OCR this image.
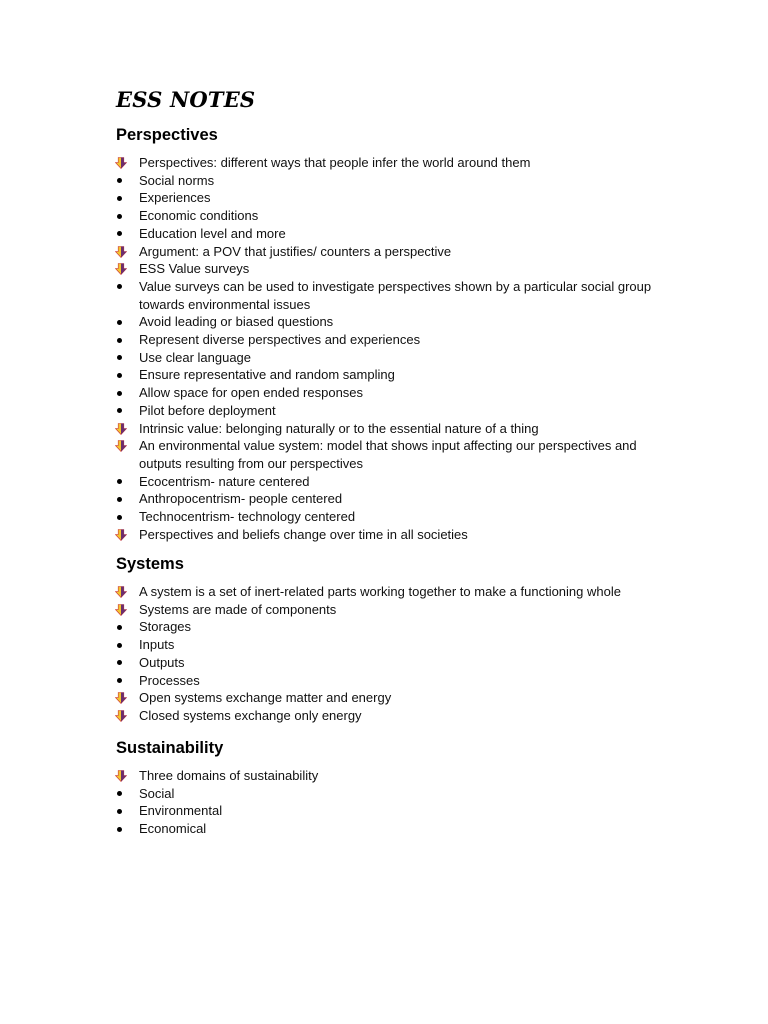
ESS NOTES
Perspectives
Perspectives: different ways that people infer the world around them
Social norms
Experiences
Economic conditions
Education level and more
Argument: a POV that justifies/ counters a perspective
ESS Value surveys
Value surveys can be used to investigate perspectives shown by a particular social group towards environmental issues
Avoid leading or biased questions
Represent diverse perspectives and experiences
Use clear language
Ensure representative and random sampling
Allow space for open ended responses
Pilot before deployment
Intrinsic value: belonging naturally or to the essential nature of a thing
An environmental value system: model that shows input affecting our perspectives and outputs resulting from our perspectives
Ecocentrism- nature centered
Anthropocentrism- people centered
Technocentrism- technology centered
Perspectives and beliefs change over time in all societies
Systems
A system is a set of inert-related parts working together to make a functioning whole
Systems are made of components
Storages
Inputs
Outputs
Processes
Open systems exchange matter and energy
Closed systems exchange only energy
Sustainability
Three domains of sustainability
Social
Environmental
Economical
